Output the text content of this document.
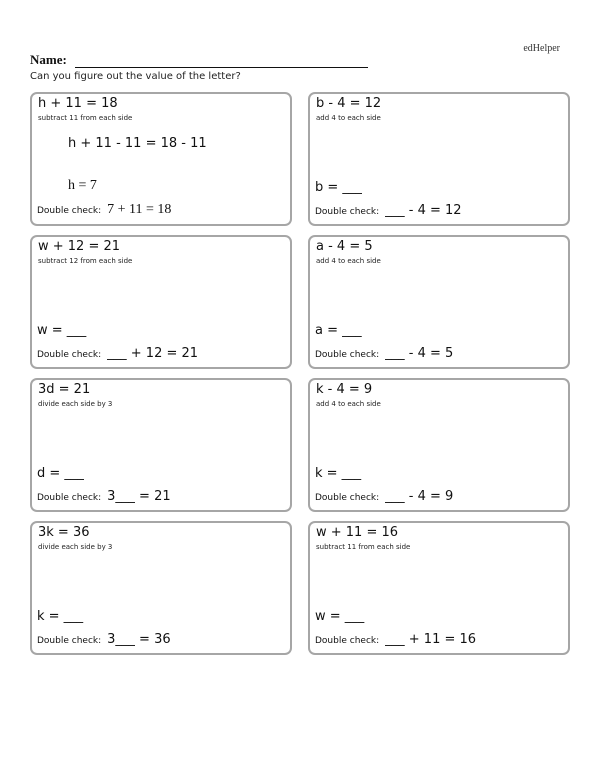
edHelper
Name:
Can you figure out the value of the letter?
h + 11 = 18
subtract 11 from each side
h + 11 - 11 = 18 - 11
h = 7
Double check: 7 + 11 = 18
b - 4 = 12
add 4 to each side
b = ___
Double check: ___ - 4 = 12
w + 12 = 21
subtract 12 from each side
w = ___
Double check: ___ + 12 = 21
a - 4 = 5
add 4 to each side
a = ___
Double check: ___ - 4 = 5
3d = 21
divide each side by 3
d = ___
Double check: 3___ = 21
k - 4 = 9
add 4 to each side
k = ___
Double check: ___ - 4 = 9
3k = 36
divide each side by 3
k = ___
Double check: 3___ = 36
w + 11 = 16
subtract 11 from each side
w = ___
Double check: ___ + 11 = 16
